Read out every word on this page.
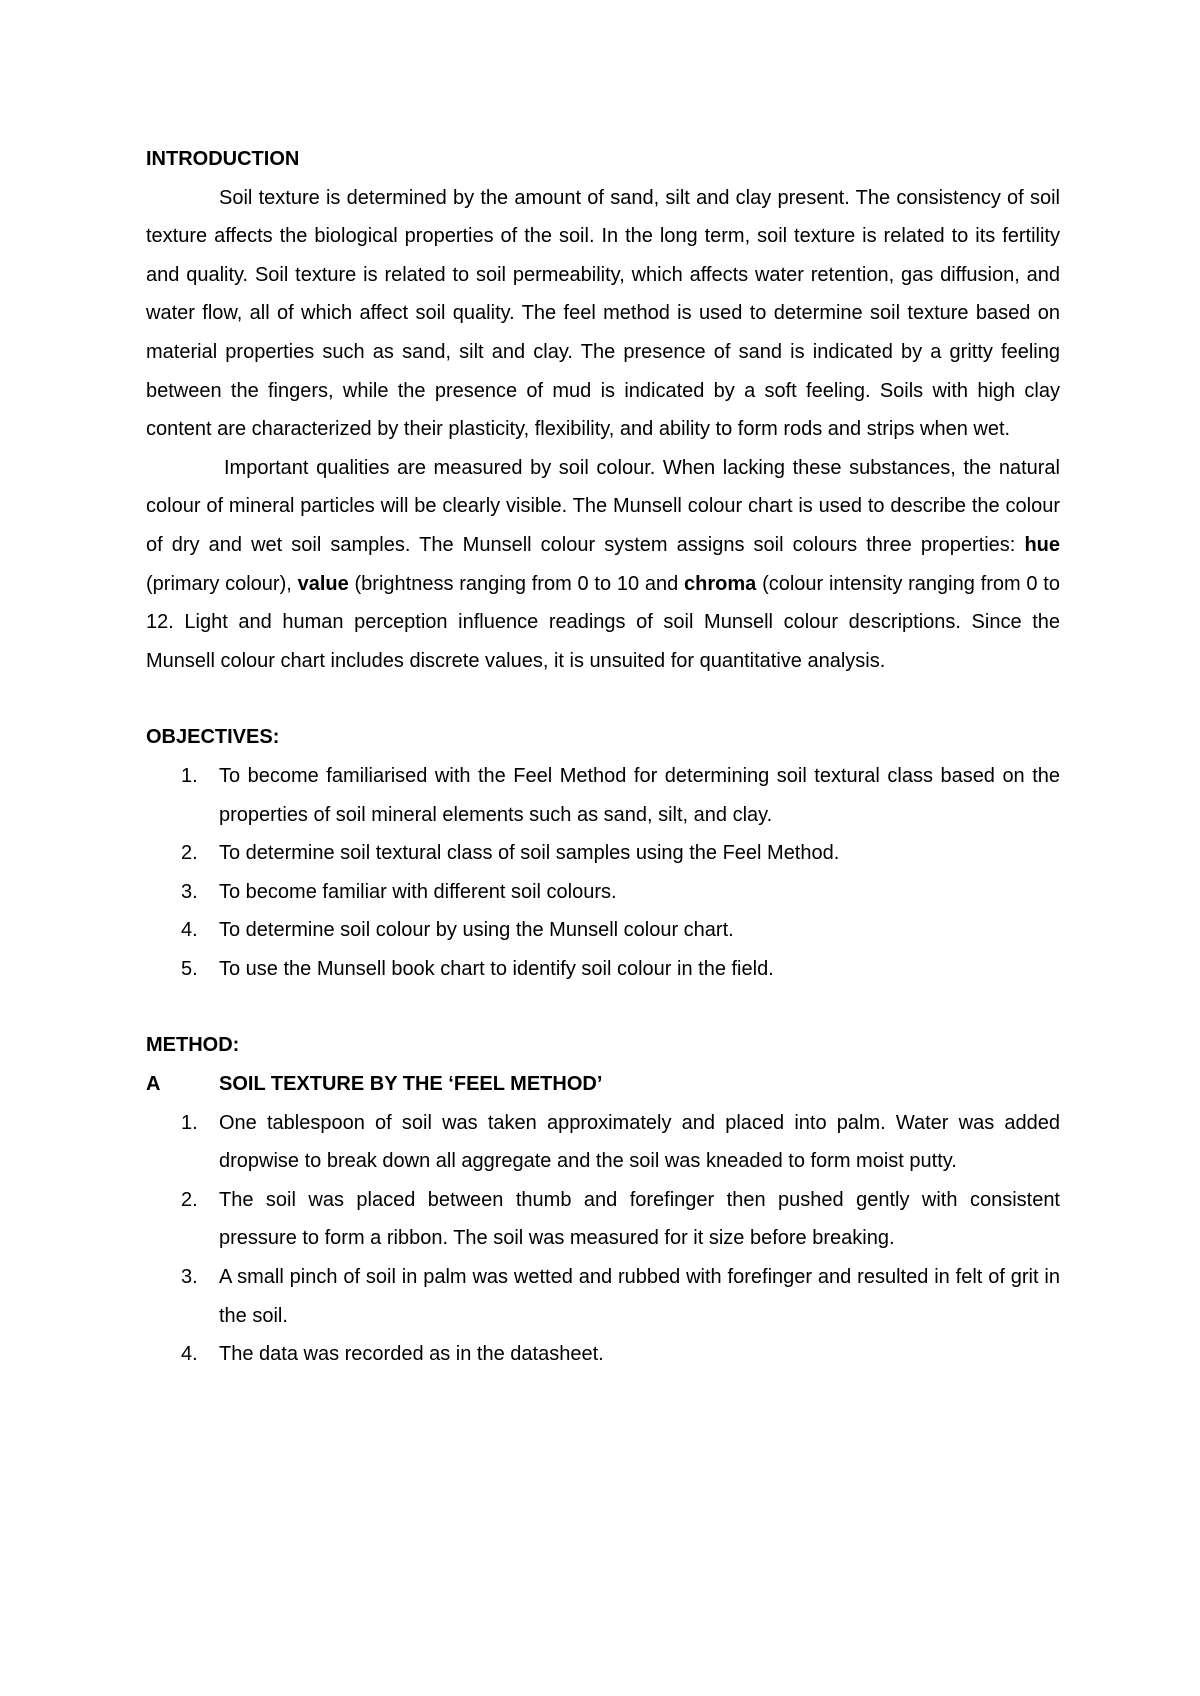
INTRODUCTION

Soil texture is determined by the amount of sand, silt and clay present. The consistency of soil texture affects the biological properties of the soil. In the long term, soil texture is related to its fertility and quality. Soil texture is related to soil permeability, which affects water retention, gas diffusion, and water flow, all of which affect soil quality. The feel method is used to determine soil texture based on material properties such as sand, silt and clay. The presence of sand is indicated by a gritty feeling between the fingers, while the presence of mud is indicated by a soft feeling. Soils with high clay content are characterized by their plasticity, flexibility, and ability to form rods and strips when wet.

Important qualities are measured by soil colour. When lacking these substances, the natural colour of mineral particles will be clearly visible. The Munsell colour chart is used to describe the colour of dry and wet soil samples. The Munsell colour system assigns soil colours three properties: hue (primary colour), value (brightness ranging from 0 to 10 and chroma (colour intensity ranging from 0 to 12. Light and human perception influence readings of soil Munsell colour descriptions. Since the Munsell colour chart includes discrete values, it is unsuited for quantitative analysis.

OBJECTIVES:

1. To become familiarised with the Feel Method for determining soil textural class based on the properties of soil mineral elements such as sand, silt, and clay.
2. To determine soil textural class of soil samples using the Feel Method.
3. To become familiar with different soil colours.
4. To determine soil colour by using the Munsell colour chart.
5. To use the Munsell book chart to identify soil colour in the field.

METHOD:

A	SOIL TEXTURE BY THE ‘FEEL METHOD’
1. One tablespoon of soil was taken approximately and placed into palm. Water was added dropwise to break down all aggregate and the soil was kneaded to form moist putty.
2. The soil was placed between thumb and forefinger then pushed gently with consistent pressure to form a ribbon. The soil was measured for it size before breaking.
3. A small pinch of soil in palm was wetted and rubbed with forefinger and resulted in felt of grit in the soil.
4. The data was recorded as in the datasheet.
